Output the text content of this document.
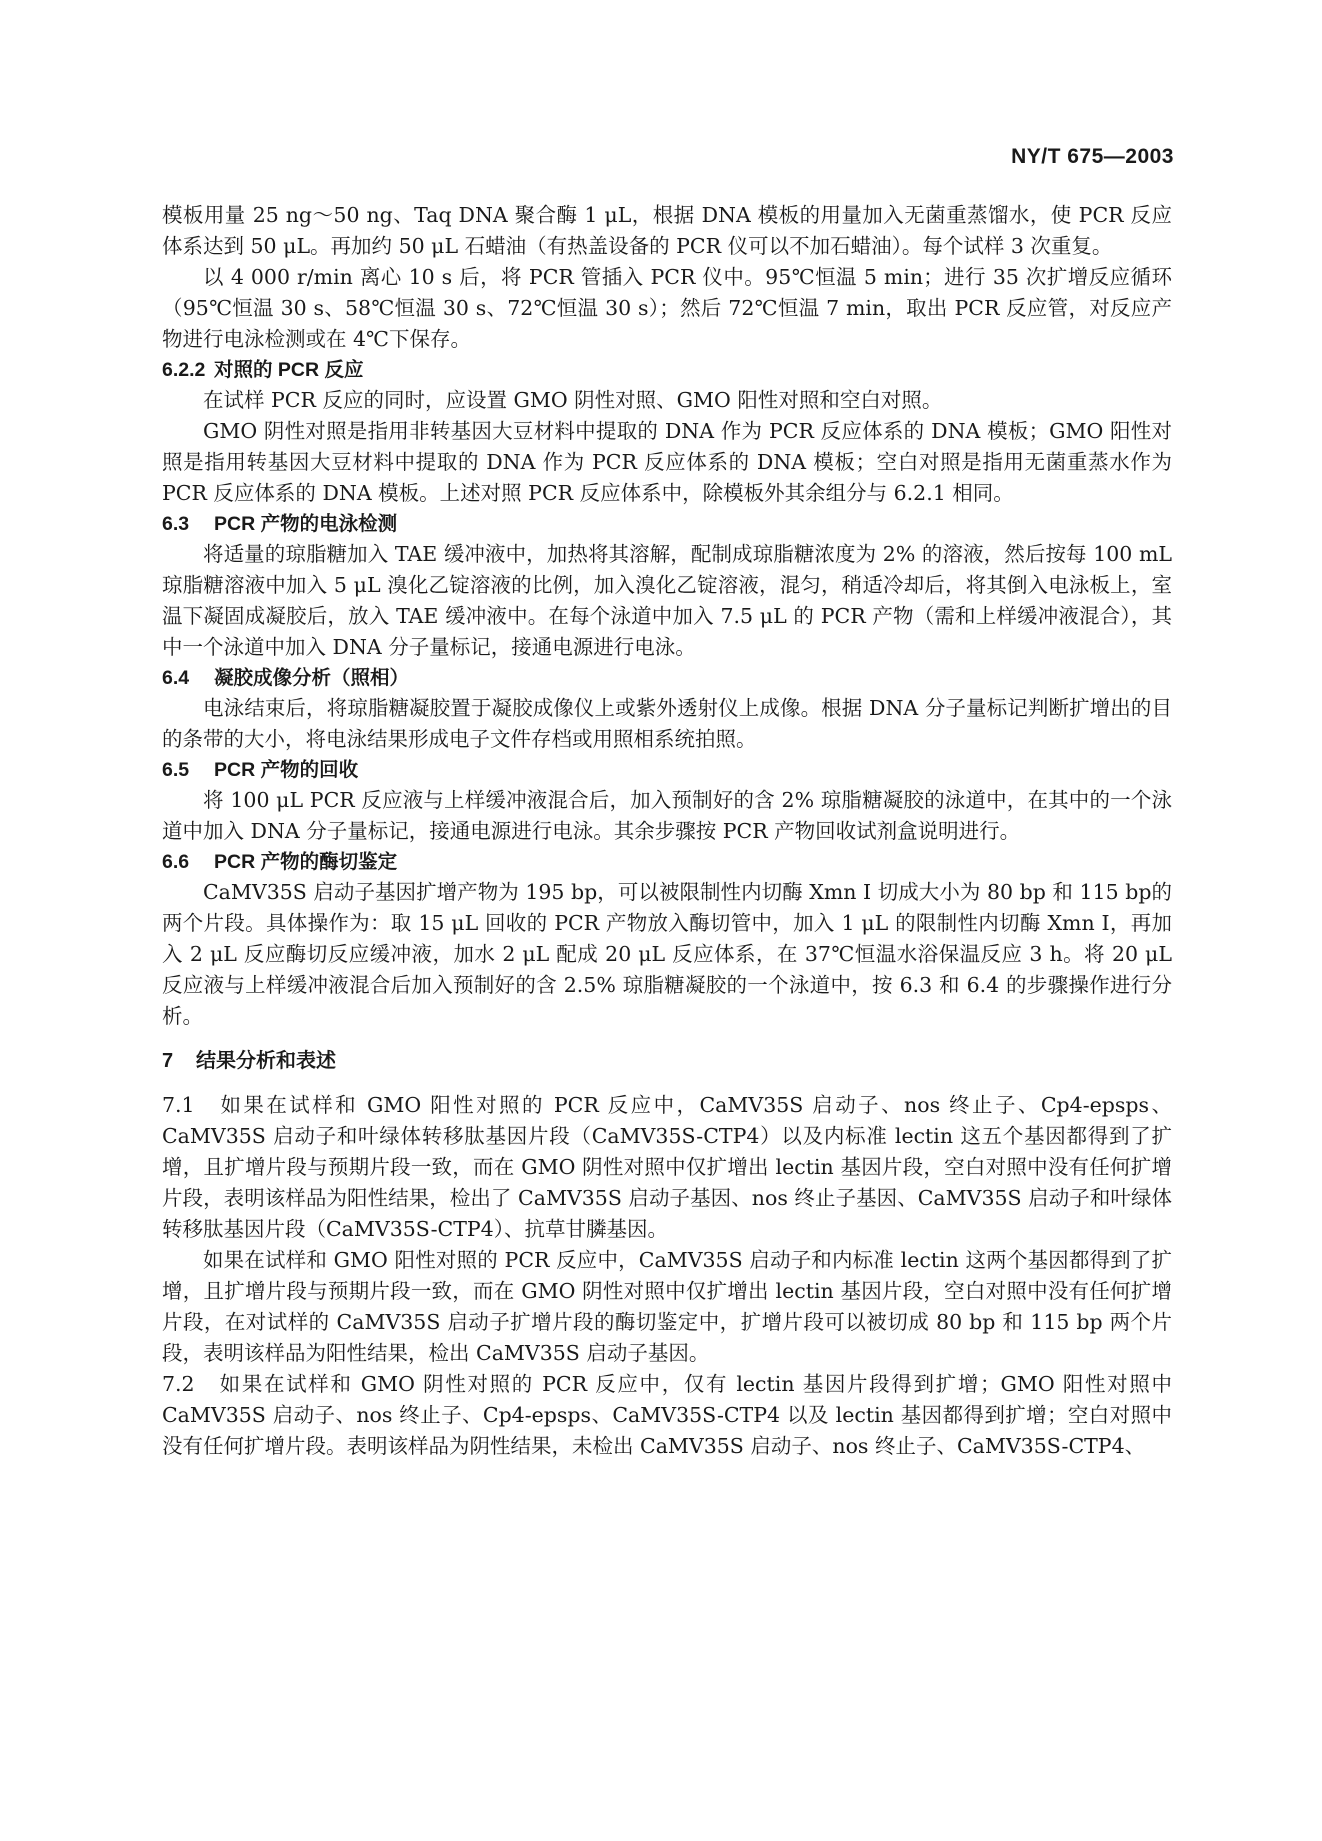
NY/T 675—2003

模板用量 25 ng～50 ng、Taq DNA 聚合酶 1 μL，根据 DNA 模板的用量加入无菌重蒸馏水，使 PCR 反应体系达到 50 μL。再加约 50 μL 石蜡油（有热盖设备的 PCR 仪可以不加石蜡油）。每个试样 3 次重复。

以 4 000 r/min 离心 10 s 后，将 PCR 管插入 PCR 仪中。95℃恒温 5 min；进行 35 次扩增反应循环（95℃恒温 30 s、58℃恒温 30 s、72℃恒温 30 s）；然后 72℃恒温 7 min，取出 PCR 反应管，对反应产物进行电泳检测或在 4℃下保存。

6.2.2 对照的 PCR 反应

在试样 PCR 反应的同时，应设置 GMO 阴性对照、GMO 阳性对照和空白对照。

GMO 阴性对照是指用非转基因大豆材料中提取的 DNA 作为 PCR 反应体系的 DNA 模板；GMO 阳性对照是指用转基因大豆材料中提取的 DNA 作为 PCR 反应体系的 DNA 模板；空白对照是指用无菌重蒸水作为 PCR 反应体系的 DNA 模板。上述对照 PCR 反应体系中，除模板外其余组分与 6.2.1 相同。

6.3 PCR 产物的电泳检测

将适量的琼脂糖加入 TAE 缓冲液中，加热将其溶解，配制成琼脂糖浓度为 2% 的溶液，然后按每 100 mL 琼脂糖溶液中加入 5 μL 溴化乙锭溶液的比例，加入溴化乙锭溶液，混匀，稍适冷却后，将其倒入电泳板上，室温下凝固成凝胶后，放入 TAE 缓冲液中。在每个泳道中加入 7.5 μL 的 PCR 产物（需和上样缓冲液混合），其中一个泳道中加入 DNA 分子量标记，接通电源进行电泳。

6.4 凝胶成像分析（照相）

电泳结束后，将琼脂糖凝胶置于凝胶成像仪上或紫外透射仪上成像。根据 DNA 分子量标记判断扩增出的目的条带的大小，将电泳结果形成电子文件存档或用照相系统拍照。

6.5 PCR 产物的回收

将 100 μL PCR 反应液与上样缓冲液混合后，加入预制好的含 2% 琼脂糖凝胶的泳道中，在其中的一个泳道中加入 DNA 分子量标记，接通电源进行电泳。其余步骤按 PCR 产物回收试剂盒说明进行。

6.6 PCR 产物的酶切鉴定

CaMV35S 启动子基因扩增产物为 195 bp，可以被限制性内切酶 Xmn Ⅰ 切成大小为 80 bp 和 115 bp的两个片段。具体操作为：取 15 μL 回收的 PCR 产物放入酶切管中，加入 1 μL 的限制性内切酶 Xmn Ⅰ，再加入 2 μL 反应酶切反应缓冲液，加水 2 μL 配成 20 μL 反应体系，在 37℃恒温水浴保温反应 3 h。将 20 μL 反应液与上样缓冲液混合后加入预制好的含 2.5% 琼脂糖凝胶的一个泳道中，按 6.3 和 6.4 的步骤操作进行分析。

7 结果分析和表述

7.1 如果在试样和 GMO 阳性对照的 PCR 反应中，CaMV35S 启动子、nos 终止子、Cp4-epsps、CaMV35S 启动子和叶绿体转移肽基因片段（CaMV35S-CTP4）以及内标准 lectin 这五个基因都得到了扩增，且扩增片段与预期片段一致，而在 GMO 阴性对照中仅扩增出 lectin 基因片段，空白对照中没有任何扩增片段，表明该样品为阳性结果，检出了 CaMV35S 启动子基因、nos 终止子基因、CaMV35S 启动子和叶绿体转移肽基因片段（CaMV35S-CTP4）、抗草甘膦基因。

如果在试样和 GMO 阳性对照的 PCR 反应中，CaMV35S 启动子和内标准 lectin 这两个基因都得到了扩增，且扩增片段与预期片段一致，而在 GMO 阴性对照中仅扩增出 lectin 基因片段，空白对照中没有任何扩增片段，在对试样的 CaMV35S 启动子扩增片段的酶切鉴定中，扩增片段可以被切成 80 bp 和 115 bp 两个片段，表明该样品为阳性结果，检出 CaMV35S 启动子基因。

7.2 如果在试样和 GMO 阴性对照的 PCR 反应中，仅有 lectin 基因片段得到扩增；GMO 阳性对照中 CaMV35S 启动子、nos 终止子、Cp4-epsps、CaMV35S-CTP4 以及 lectin 基因都得到扩增；空白对照中没有任何扩增片段。表明该样品为阴性结果，未检出 CaMV35S 启动子、nos 终止子、CaMV35S-CTP4、
